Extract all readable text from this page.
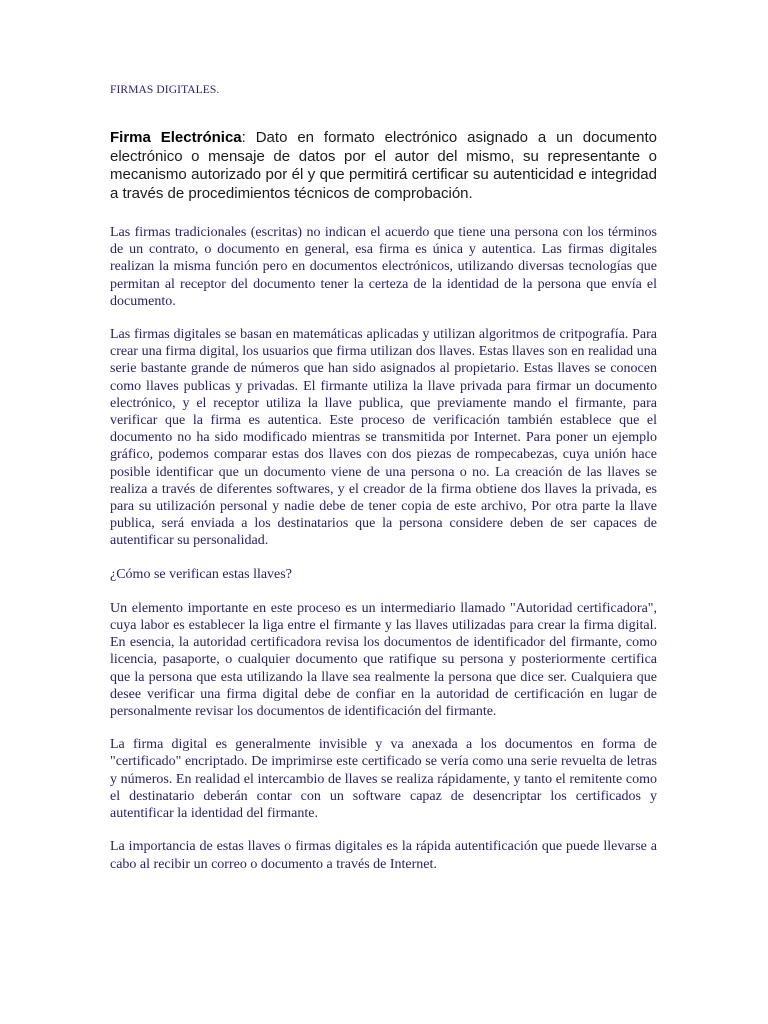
FIRMAS DIGITALES.

Firma Electrónica: Dato en formato electrónico asignado a un documento electrónico o mensaje de datos por el autor del mismo, su representante o mecanismo autorizado por él y que permitirá certificar su autenticidad e integridad a través de procedimientos técnicos de comprobación.

Las firmas tradicionales (escritas) no indican el acuerdo que tiene una persona con los términos de un contrato, o documento en general, esa firma es única y autentica. Las firmas digitales realizan la misma función pero en documentos electrónicos, utilizando diversas tecnologías que permitan al receptor del documento tener la certeza de la identidad de la persona que envía el documento.

Las firmas digitales se basan en matemáticas aplicadas y utilizan algoritmos de critpografía. Para crear una firma digital, los usuarios que firma utilizan dos llaves. Estas llaves son en realidad una serie bastante grande de números que han sido asignados al propietario. Estas llaves se conocen como llaves publicas y privadas. El firmante utiliza la llave privada para firmar un documento electrónico, y el receptor utiliza la llave publica, que previamente mando el firmante, para verificar que la firma es autentica. Este proceso de verificación también establece que el documento no ha sido modificado mientras se transmitida por Internet. Para poner un ejemplo gráfico, podemos comparar estas dos llaves con dos piezas de rompecabezas, cuya unión hace posible identificar que un documento viene de una persona o no. La creación de las llaves se realiza a través de diferentes softwares, y el creador de la firma obtiene dos llaves la privada, es para su utilización personal y nadie debe de tener copia de este archivo, Por otra parte la llave publica, será enviada a los destinatarios que la persona considere deben de ser capaces de autentificar su personalidad.

¿Cómo se verifican estas llaves?

Un elemento importante en este proceso es un intermediario llamado "Autoridad certificadora", cuya labor es establecer la liga entre el firmante y las llaves utilizadas para crear la firma digital. En esencia, la autoridad certificadora revisa los documentos de identificador del firmante, como licencia, pasaporte, o cualquier documento que ratifique su persona y posteriormente certifica que la persona que esta utilizando la llave sea realmente la persona que dice ser. Cualquiera que desee verificar una firma digital debe de confiar en la autoridad de certificación en lugar de personalmente revisar los documentos de identificación del firmante.

La firma digital es generalmente invisible y va anexada a los documentos en forma de "certificado" encriptado. De imprimirse este certificado se vería como una serie revuelta de letras y números. En realidad el intercambio de llaves se realiza rápidamente, y tanto el remitente como el destinatario deberán contar con un software capaz de desencriptar los certificados y autentificar la identidad del firmante.

La importancia de estas llaves o firmas digitales es la rápida autentificación que puede llevarse a cabo al recibir un correo o documento a través de Internet.
